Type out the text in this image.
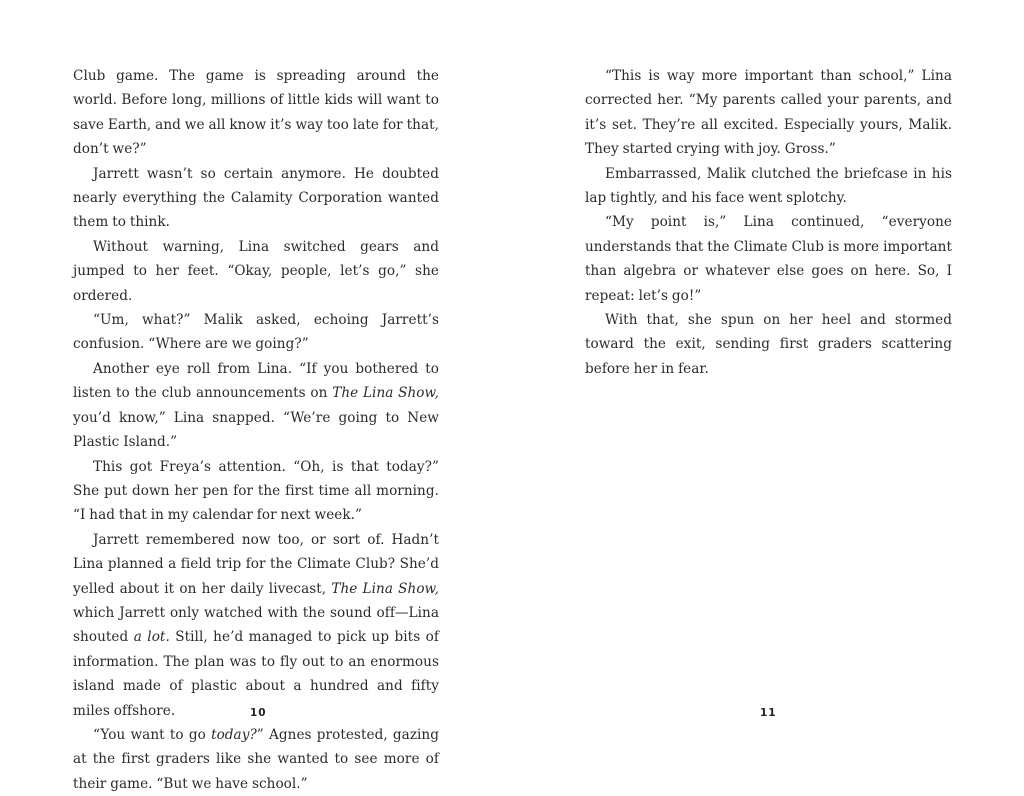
Club game. The game is spreading around the world. Before long, millions of little kids will want to save Earth, and we all know it’s way too late for that, don’t we?”

Jarrett wasn’t so certain anymore. He doubted nearly everything the Calamity Corporation wanted them to think.

Without warning, Lina switched gears and jumped to her feet. “Okay, people, let’s go,” she ordered.

“Um, what?” Malik asked, echoing Jarrett’s confusion. “Where are we going?”

Another eye roll from Lina. “If you bothered to listen to the club announcements on The Lina Show, you’d know,” Lina snapped. “We’re going to New Plastic Island.”

This got Freya’s attention. “Oh, is that today?” She put down her pen for the first time all morning. “I had that in my calendar for next week.”

Jarrett remembered now too, or sort of. Hadn’t Lina planned a field trip for the Climate Club? She’d yelled about it on her daily livecast, The Lina Show, which Jarrett only watched with the sound off—Lina shouted a lot. Still, he’d managed to pick up bits of information. The plan was to fly out to an enormous island made of plastic about a hundred and fifty miles offshore.

“You want to go today?” Agnes protested, gazing at the first graders like she wanted to see more of their game. “But we have school.”

“This is way more important than school,” Lina corrected her. “My parents called your parents, and it’s set. They’re all excited. Especially yours, Malik. They started crying with joy. Gross.”

Embarrassed, Malik clutched the briefcase in his lap tightly, and his face went splotchy.

“My point is,” Lina continued, “everyone understands that the Climate Club is more important than algebra or whatever else goes on here. So, I repeat: let’s go!”

With that, she spun on her heel and stormed toward the exit, sending first graders scattering before her in fear.

10	11
